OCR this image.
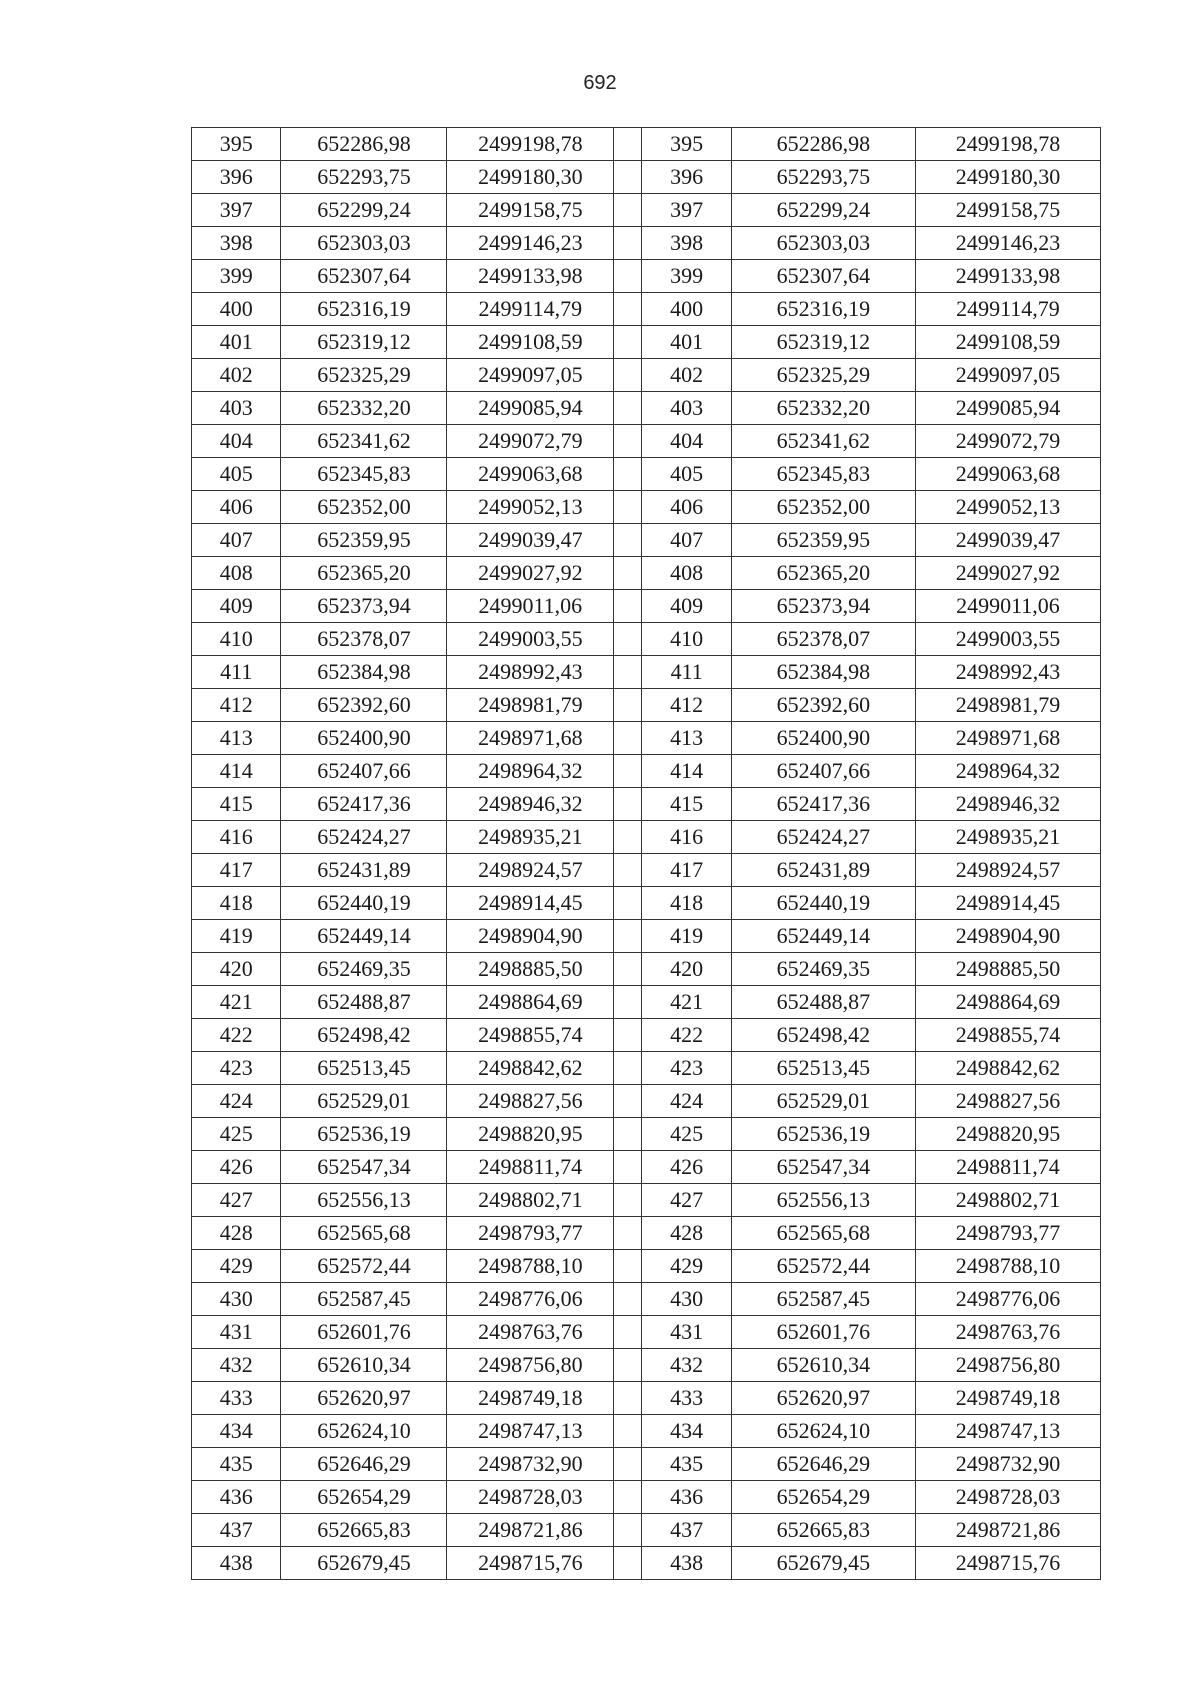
692
395	652286,98	2499198,78		395	652286,98	2499198,78
396	652293,75	2499180,30		396	652293,75	2499180,30
397	652299,24	2499158,75		397	652299,24	2499158,75
398	652303,03	2499146,23		398	652303,03	2499146,23
399	652307,64	2499133,98		399	652307,64	2499133,98
400	652316,19	2499114,79		400	652316,19	2499114,79
401	652319,12	2499108,59		401	652319,12	2499108,59
402	652325,29	2499097,05		402	652325,29	2499097,05
403	652332,20	2499085,94		403	652332,20	2499085,94
404	652341,62	2499072,79		404	652341,62	2499072,79
405	652345,83	2499063,68		405	652345,83	2499063,68
406	652352,00	2499052,13		406	652352,00	2499052,13
407	652359,95	2499039,47		407	652359,95	2499039,47
408	652365,20	2499027,92		408	652365,20	2499027,92
409	652373,94	2499011,06		409	652373,94	2499011,06
410	652378,07	2499003,55		410	652378,07	2499003,55
411	652384,98	2498992,43		411	652384,98	2498992,43
412	652392,60	2498981,79		412	652392,60	2498981,79
413	652400,90	2498971,68		413	652400,90	2498971,68
414	652407,66	2498964,32		414	652407,66	2498964,32
415	652417,36	2498946,32		415	652417,36	2498946,32
416	652424,27	2498935,21		416	652424,27	2498935,21
417	652431,89	2498924,57		417	652431,89	2498924,57
418	652440,19	2498914,45		418	652440,19	2498914,45
419	652449,14	2498904,90		419	652449,14	2498904,90
420	652469,35	2498885,50		420	652469,35	2498885,50
421	652488,87	2498864,69		421	652488,87	2498864,69
422	652498,42	2498855,74		422	652498,42	2498855,74
423	652513,45	2498842,62		423	652513,45	2498842,62
424	652529,01	2498827,56		424	652529,01	2498827,56
425	652536,19	2498820,95		425	652536,19	2498820,95
426	652547,34	2498811,74		426	652547,34	2498811,74
427	652556,13	2498802,71		427	652556,13	2498802,71
428	652565,68	2498793,77		428	652565,68	2498793,77
429	652572,44	2498788,10		429	652572,44	2498788,10
430	652587,45	2498776,06		430	652587,45	2498776,06
431	652601,76	2498763,76		431	652601,76	2498763,76
432	652610,34	2498756,80		432	652610,34	2498756,80
433	652620,97	2498749,18		433	652620,97	2498749,18
434	652624,10	2498747,13		434	652624,10	2498747,13
435	652646,29	2498732,90		435	652646,29	2498732,90
436	652654,29	2498728,03		436	652654,29	2498728,03
437	652665,83	2498721,86		437	652665,83	2498721,86
438	652679,45	2498715,76		438	652679,45	2498715,76
